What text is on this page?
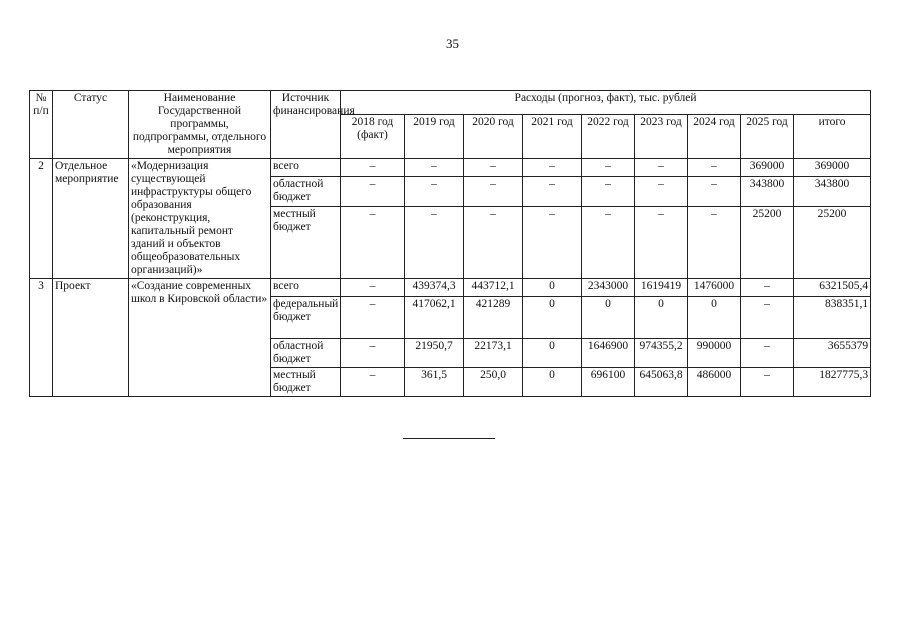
35
№ п/п	Статус	Наименование Государственной программы, подпрограммы, отдельного мероприятия	Источник финансирования	Расходы (прогноз, факт), тыс. рублей								
				2018 год (факт)	2019 год	2020 год	2021 год	2022 год	2023 год	2024 год	2025 год	итого
2	Отдельное мероприятие	«Модернизация существующей инфраструктуры общего образования (реконструкция, капитальный ремонт зданий и объектов общеобразовательных организаций)»	всего	–	–	–	–	–	–	–	369000	369000
			областной бюджет	–	–	–	–	–	–	–	343800	343800
			местный бюджет	–	–	–	–	–	–	–	25200	25200
3	Проект	«Создание современных школ в Кировской области»	всего	–	439374,3	443712,1	0	2343000	1619419	1476000	–	6321505,4
			федеральный бюджет	–	417062,1	421289	0	0	0	0	–	838351,1
			областной бюджет	–	21950,7	22173,1	0	1646900	974355,2	990000	–	3655379
			местный бюджет	–	361,5	250,0	0	696100	645063,8	486000	–	1827775,3
